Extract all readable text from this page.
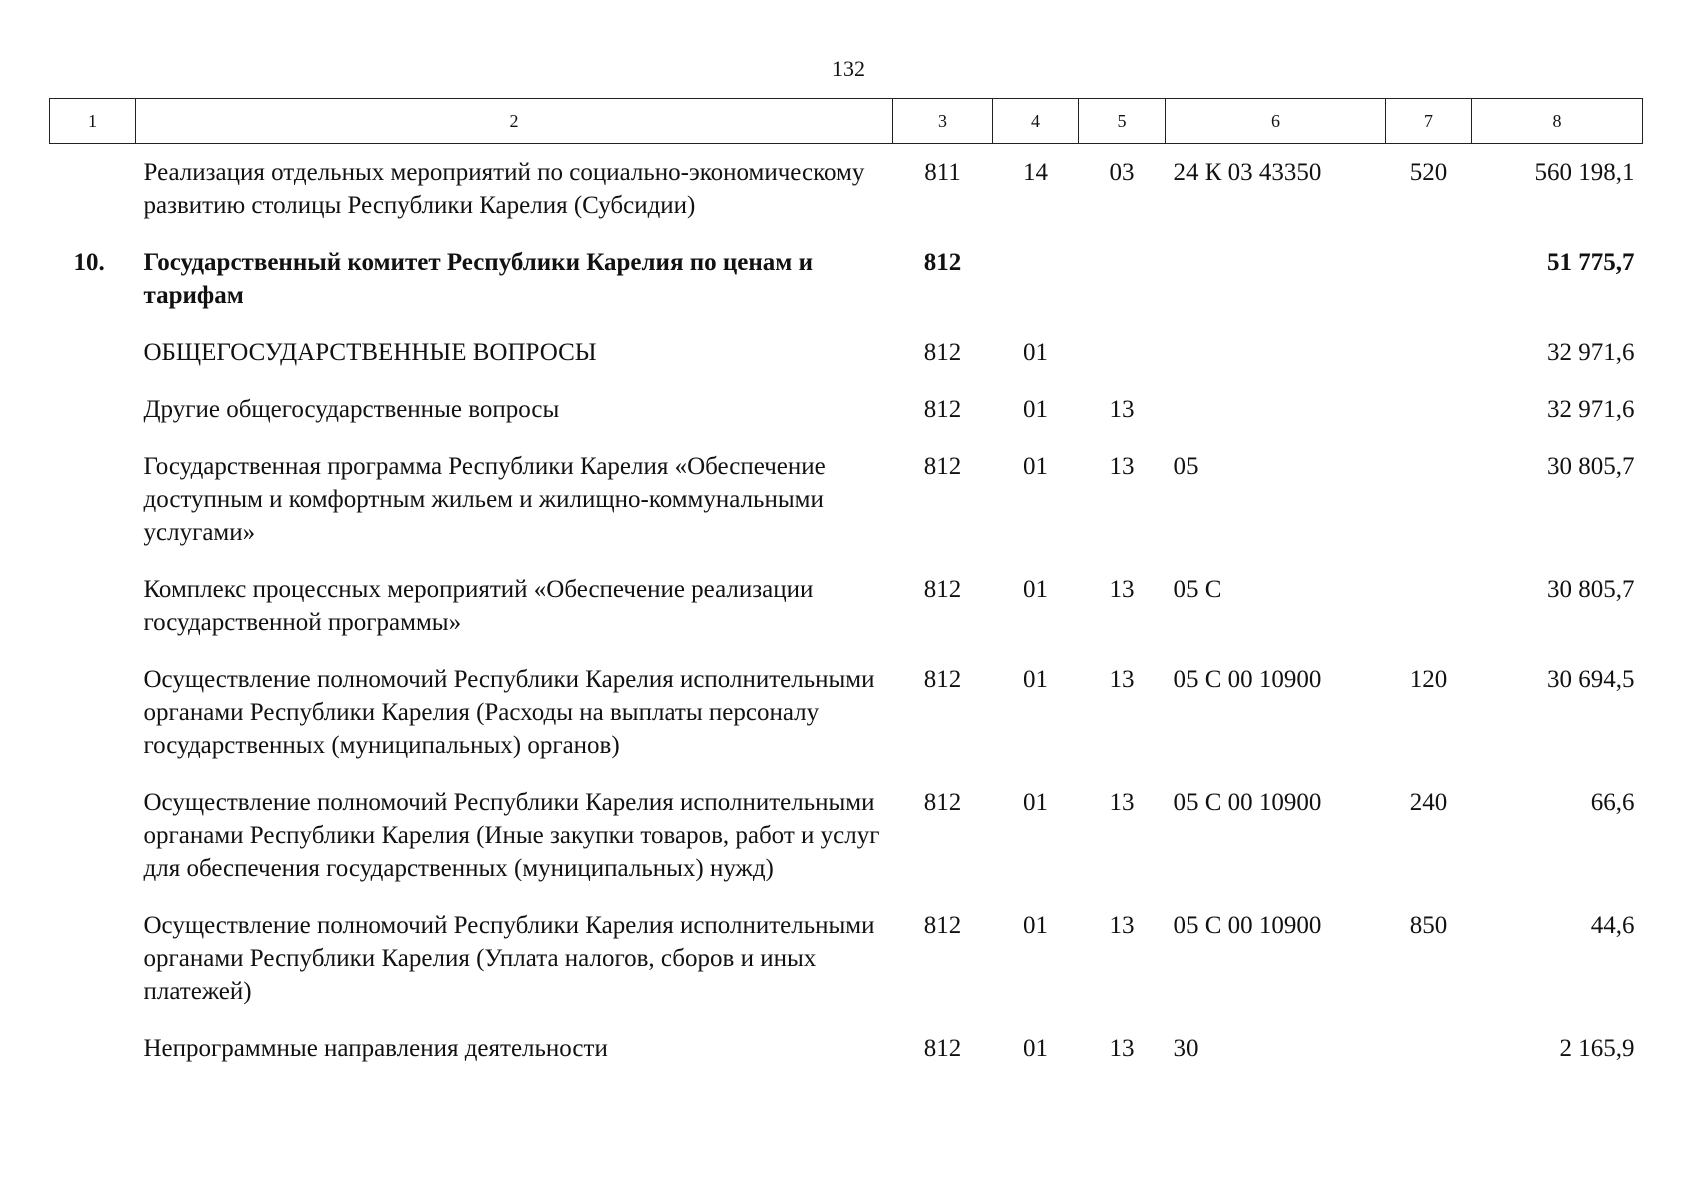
132
1	2	3	4	5	6	7	8
	Реализация отдельных мероприятий по социально-экономическому развитию столицы Республики Карелия (Субсидии)	811	14	03	24 К 03 43350	520	560 198,1
10.	Государственный комитет Республики Карелия по ценам и тарифам	812					51 775,7
	ОБЩЕГОСУДАРСТВЕННЫЕ ВОПРОСЫ	812	01				32 971,6
	Другие общегосударственные вопросы	812	01	13			32 971,6
	Государственная программа Республики Карелия «Обеспечение доступным и комфортным жильем и жилищно-коммунальными услугами»	812	01	13	05		30 805,7
	Комплекс процессных мероприятий «Обеспечение реализации государственной программы»	812	01	13	05 С		30 805,7
	Осуществление полномочий Республики Карелия исполнительными органами Республики Карелия (Расходы на выплаты персоналу государственных (муниципальных) органов)	812	01	13	05 С 00 10900	120	30 694,5
	Осуществление полномочий Республики Карелия исполнительными органами Республики Карелия (Иные закупки товаров, работ и услуг для обеспечения государственных (муниципальных) нужд)	812	01	13	05 С 00 10900	240	66,6
	Осуществление полномочий Республики Карелия исполнительными органами Республики Карелия (Уплата налогов, сборов и иных платежей)	812	01	13	05 С 00 10900	850	44,6
	Непрограммные направления деятельности	812	01	13	30		2 165,9
